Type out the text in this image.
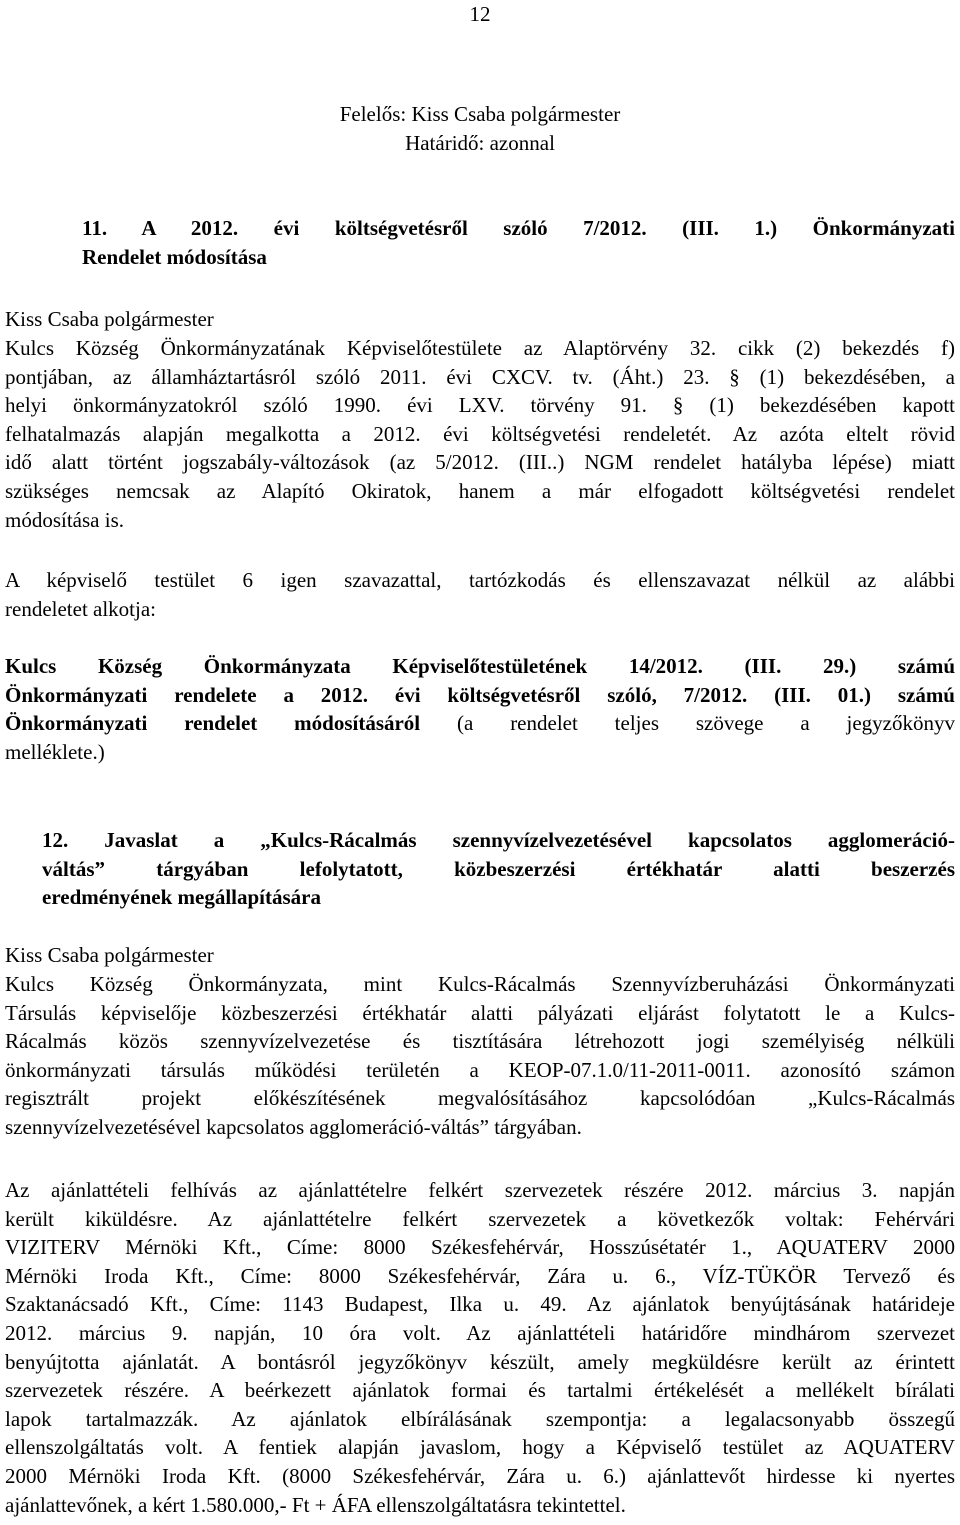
12
Felelős: Kiss Csaba polgármester
Határidő: azonnal
11. A 2012. évi költségvetésről szóló 7/2012. (III. 1.) Önkormányzati
Rendelet módosítása
Kiss Csaba polgármester
Kulcs Község Önkormányzatának Képviselőtestülete az Alaptörvény 32. cikk (2) bekezdés f)
pontjában, az államháztartásról szóló 2011. évi CXCV. tv. (Áht.) 23. § (1) bekezdésében, a
helyi önkormányzatokról szóló 1990. évi LXV. törvény 91. § (1) bekezdésében kapott
felhatalmazás alapján megalkotta a 2012. évi költségvetési rendeletét. Az azóta eltelt rövid
idő alatt történt jogszabály-változások (az 5/2012. (III..) NGM rendelet hatályba lépése) miatt
szükséges nemcsak az Alapító Okiratok, hanem a már elfogadott költségvetési rendelet
módosítása is.
A képviselő testület 6 igen szavazattal, tartózkodás és ellenszavazat nélkül az alábbi
rendeletet alkotja:
Kulcs Község Önkormányzata Képviselőtestületének 14/2012. (III. 29.) számú
Önkormányzati rendelete a 2012. évi költségvetésről szóló, 7/2012. (III. 01.) számú
Önkormányzati rendelet módosításáról (a rendelet teljes szövege a jegyzőkönyv
melléklete.)
12. Javaslat a „Kulcs-Rácalmás szennyvízelvezetésével kapcsolatos agglomeráció-
váltás” tárgyában lefolytatott, közbeszerzési értékhatár alatti beszerzés
eredményének megállapítására
Kiss Csaba polgármester
Kulcs Község Önkormányzata, mint Kulcs-Rácalmás Szennyvízberuházási Önkormányzati
Társulás képviselője közbeszerzési értékhatár alatti pályázati eljárást folytatott le a Kulcs-
Rácalmás közös szennyvízelvezetése és tisztítására létrehozott jogi személyiség nélküli
önkormányzati társulás működési területén a KEOP-07.1.0/11-2011-0011. azonosító számon
regisztrált projekt előkészítésének megvalósításához kapcsolódóan „Kulcs-Rácalmás
szennyvízelvezetésével kapcsolatos agglomeráció-váltás” tárgyában.
Az ajánlattételi felhívás az ajánlattételre felkért szervezetek részére 2012. március 3. napján
került kiküldésre. Az ajánlattételre felkért szervezetek a következők voltak: Fehérvári
VIZITERV Mérnöki Kft., Címe: 8000 Székesfehérvár, Hosszúsétatér 1., AQUATERV 2000
Mérnöki Iroda Kft., Címe: 8000 Székesfehérvár, Zára u. 6., VÍZ-TÜKÖR Tervező és
Szaktanácsadó Kft., Címe: 1143 Budapest, Ilka u. 49. Az ajánlatok benyújtásának határideje
2012. március 9. napján, 10 óra volt. Az ajánlattételi határidőre mindhárom szervezet
benyújtotta ajánlatát. A bontásról jegyzőkönyv készült, amely megküldésre került az érintett
szervezetek részére. A beérkezett ajánlatok formai és tartalmi értékelését a mellékelt bírálati
lapok tartalmazzák. Az ajánlatok elbírálásának szempontja: a legalacsonyabb összegű
ellenszolgáltatás volt. A fentiek alapján javaslom, hogy a Képviselő testület az AQUATERV
2000 Mérnöki Iroda Kft. (8000 Székesfehérvár, Zára u. 6.) ajánlattevőt hirdesse ki nyertes
ajánlattevőnek, a kért 1.580.000,- Ft + ÁFA ellenszolgáltatásra tekintettel.
